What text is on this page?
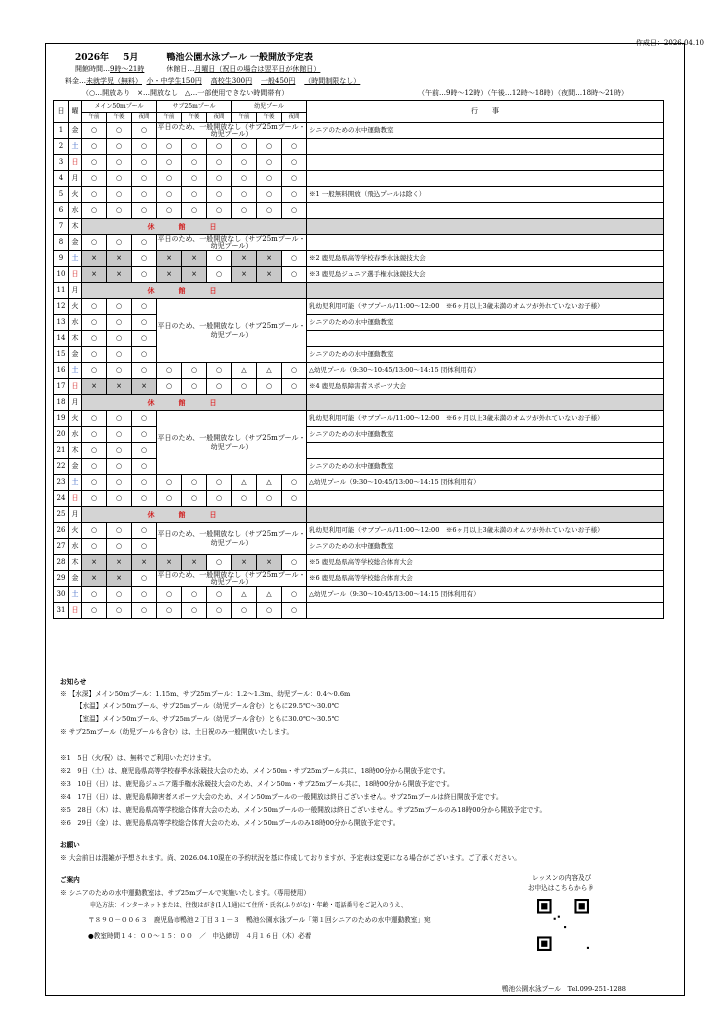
作成日：2026.04.10
2026年 5月	鴨池公園水泳プール 一般開放予定表
開館時間…9時～21時	休館日…月曜日（祝日の場合は翌平日が休館日）
料金…未就学児（無料） 小・中学生150円 高校生300円 一般450円 （時間制限なし）
（○…開放あり　×…開放なし　△…一部使用できない時間帯有）	（午前…9時～12時）（午後…12時～18時）（夜間…18時～21時）
日	曜	メイン50mプール			サブ25mプール			幼児プール			行　　事
		午前	午後	夜間	午前	午後	夜間	午前	午後	夜間	
1	金	○	○	○	平日のため、一般開放なし（サブ25mプール・幼児プール）						シニアのための水中運動教室
2	土	○	○	○	○	○	○	○	○	○	
3	日	○	○	○	○	○	○	○	○	○	
4	月	○	○	○	○	○	○	○	○	○	
5	火	○	○	○	○	○	○	○	○	○	※1 一般無料開放（飛込プールは除く）
6	水	○	○	○	○	○	○	○	○	○	
7	木	休館日									
8	金	○	○	○	平日のため、一般開放なし（サブ25mプール・幼児プール）						
9	土	×	×	○	×	×	○	×	×	○	※2 鹿児島県高等学校春季水泳競技大会
10	日	×	×	○	×	×	○	×	×	○	※3 鹿児島ジュニア選手権水泳競技大会
11	月	休館日									
12	火	○	○	○	平日のため、一般開放なし（サブ25mプール・幼児プール）						乳幼児利用可能（サブプール/11:00～12:00　※6ヶ月以上3歳未満のオムツが外れていないお子様）
13	水	○	○	○							シニアのための水中運動教室
14	木	○	○	○							
15	金	○	○	○							シニアのための水中運動教室
16	土	○	○	○	○	○	○	△	△	○	△幼児プール（9:30～10:45/13:00～14:15 団体利用有）
17	日	×	×	×	○	○	○	○	○	○	※4 鹿児島県障害者スポーツ大会
18	月	休館日									
19	火	○	○	○	平日のため、一般開放なし（サブ25mプール・幼児プール）						乳幼児利用可能（サブプール/11:00～12:00　※6ヶ月以上3歳未満のオムツが外れていないお子様）
20	水	○	○	○							シニアのための水中運動教室
21	木	○	○	○							
22	金	○	○	○							シニアのための水中運動教室
23	土	○	○	○	○	○	○	△	△	○	△幼児プール（9:30～10:45/13:00～14:15 団体利用有）
24	日	○	○	○	○	○	○	○	○	○	
25	月	休館日									
26	火	○	○	○	平日のため、一般開放なし（サブ25mプール・幼児プール）						乳幼児利用可能（サブプール/11:00～12:00　※6ヶ月以上3歳未満のオムツが外れていないお子様）
27	水	○	○	○							シニアのための水中運動教室
28	木	×	×	×	×	×	○	×	×	○	※5 鹿児島県高等学校総合体育大会
29	金	×	×	○	平日のため、一般開放なし（サブ25mプール・幼児プール）						※6 鹿児島県高等学校総合体育大会
30	土	○	○	○	○	○	○	△	△	○	△幼児プール（9:30～10:45/13:00～14:15 団体利用有）
31	日	○	○	○	○	○	○	○	○	○	
お知らせ
※ 【水深】メイン50mプール：1.15m、サブ25mプール：1.2～1.3m、幼児プール：0.4～0.6m
【水温】メイン50mプール、サブ25mプール（幼児プール含む）ともに29.5℃～30.0℃
【室温】メイン50mプール、サブ25mプール（幼児プール含む）ともに30.0℃～30.5℃
※ サブ25mプール（幼児プールも含む）は、土日祝のみ一般開放いたします。
※1　5日（火/祝）は、無料でご利用いただけます。
※2　9日（土）は、鹿児島県高等学校春季水泳競技大会のため、メイン50m・サブ25mプール共に、18時00分から開放予定です。
※3　10日（日）は、鹿児島ジュニア選手権水泳競技大会のため、メイン50m・サブ25mプール共に、18時00分から開放予定です。
※4　17日（日）は、鹿児島県障害者スポーツ大会のため、メイン50mプールの一般開放は終日ございません。サブ25mプールは終日開放予定です。
※5　28日（木）は、鹿児島県高等学校総合体育大会のため、メイン50mプールの一般開放は終日ございません。サブ25mプールのみ18時00分から開放予定です。
※6　29日（金）は、鹿児島県高等学校総合体育大会のため、メイン50mプールのみ18時00分から開放予定です。
お願い
※ 大会前日は混雑が予想されます。尚、2026.04.10現在の予約状況を基に作成しておりますが、予定表は変更になる場合がございます。ご了承ください。
ご案内
※ シニアのための水中運動教室は、サブ25mプールで実施いたします。（専用使用）
申込方法：インターネットまたは、往復はがき(1人1通)にて住所・氏名(ふりがな)・年齢・電話番号をご記入のうえ、
〒８９０－００６３　鹿児島市鴨池２丁目３１－３　鴨池公園水泳プール「第１回シニアのための水中運動教室」宛
●教室時間１４：００～１５：００　／　申込締切　４月１６日（木）必着
レッスンの内容及び
お申込はこちらから☟
鴨池公園水泳プール　Tel.099-251-1288
